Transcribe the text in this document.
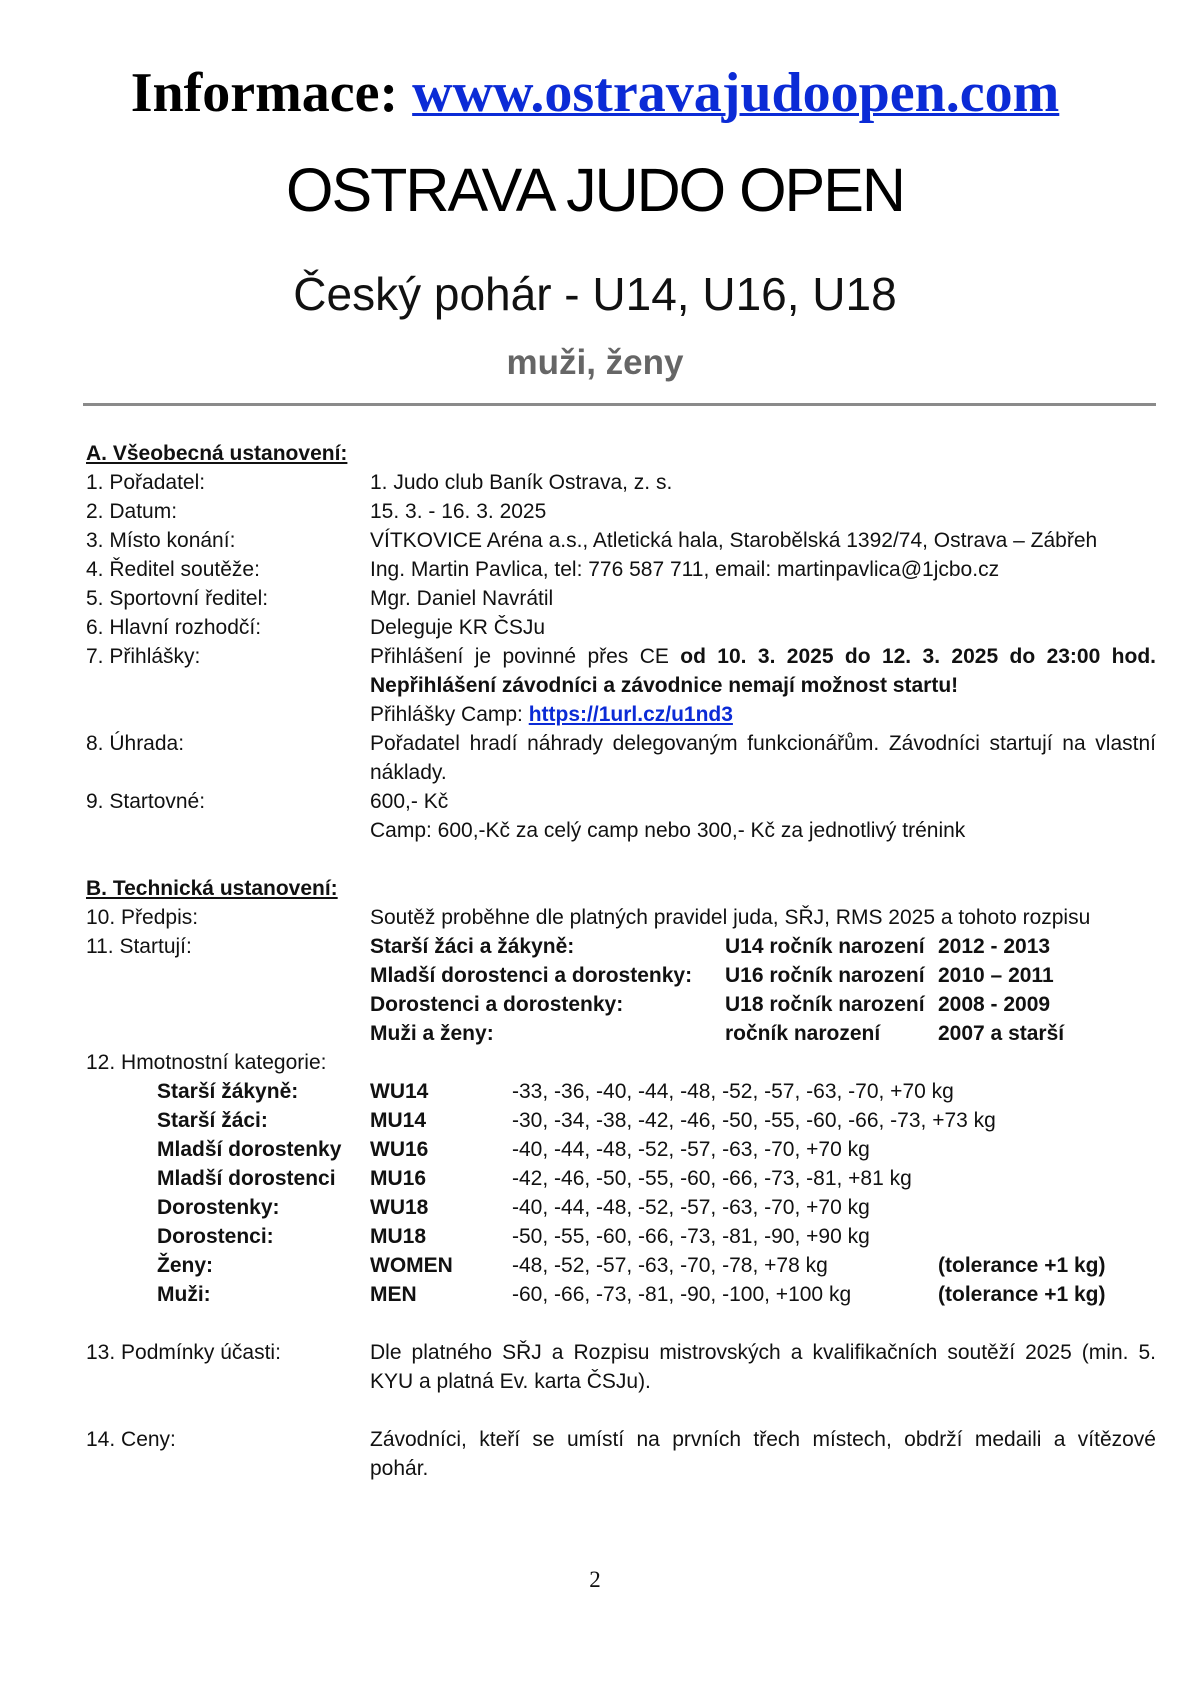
Informace: www.ostravajudoopen.com
OSTRAVA JUDO OPEN
Český pohár - U14, U16, U18
muži, ženy
A. Všeobecná ustanovení:
1. Pořadatel:	1. Judo club Baník Ostrava, z. s.
2. Datum:	15. 3. - 16. 3. 2025
3. Místo konání:	VÍTKOVICE Aréna a.s., Atletická hala, Starobělská 1392/74, Ostrava – Zábřeh
4. Ředitel soutěže:	Ing. Martin Pavlica, tel: 776 587 711, email: martinpavlica@1jcbo.cz
5. Sportovní ředitel:	Mgr. Daniel Navrátil
6. Hlavní rozhodčí:	Deleguje KR ČSJu
7. Přihlášky:	Přihlášení je povinné přes CE od 10. 3. 2025 do 12. 3. 2025 do 23:00 hod.
Nepřihlášení závodníci a závodnice nemají možnost startu!
Přihlášky Camp: https://1url.cz/u1nd3
8. Úhrada:	Pořadatel hradí náhrady delegovaným funkcionářům. Závodníci startují na vlastní
náklady.
9. Startovné:	600,- Kč
Camp: 600,-Kč za celý camp nebo 300,- Kč za jednotlivý trénink
B. Technická ustanovení:
10. Předpis:	Soutěž proběhne dle platných pravidel juda, SŘJ, RMS 2025 a tohoto rozpisu
11. Startují:	Starší žáci a žákyně:	U14 ročník narození 2012 - 2013
Mladší dorostenci a dorostenky:	U16 ročník narození 2010 – 2011
Dorostenci a dorostenky:	U18 ročník narození 2008 - 2009
Muži a ženy:	ročník narození	2007 a starší
12. Hmotnostní kategorie:
Starší žákyně:	WU14	-33, -36, -40, -44, -48, -52, -57, -63, -70, +70 kg
Starší žáci:	MU14	-30, -34, -38, -42, -46, -50, -55, -60, -66, -73, +73 kg
Mladší dorostenky WU16	-40, -44, -48, -52, -57, -63, -70, +70 kg
Mladší dorostenci MU16	-42, -46, -50, -55, -60, -66, -73, -81, +81 kg
Dorostenky:	WU18	-40, -44, -48, -52, -57, -63, -70, +70 kg
Dorostenci:	MU18	-50, -55, -60, -66, -73, -81, -90, +90 kg
Ženy:	WOMEN	-48, -52, -57, -63, -70, -78, +78 kg	(tolerance +1 kg)
Muži:	MEN	-60, -66, -73, -81, -90, -100, +100 kg	(tolerance +1 kg)
13. Podmínky účasti:	Dle platného SŘJ a Rozpisu mistrovských a kvalifikačních soutěží 2025 (min. 5.
KYU a platná Ev. karta ČSJu).
14. Ceny:	Závodníci, kteří se umístí na prvních třech místech, obdrží medaili a vítězové
pohár.
2
